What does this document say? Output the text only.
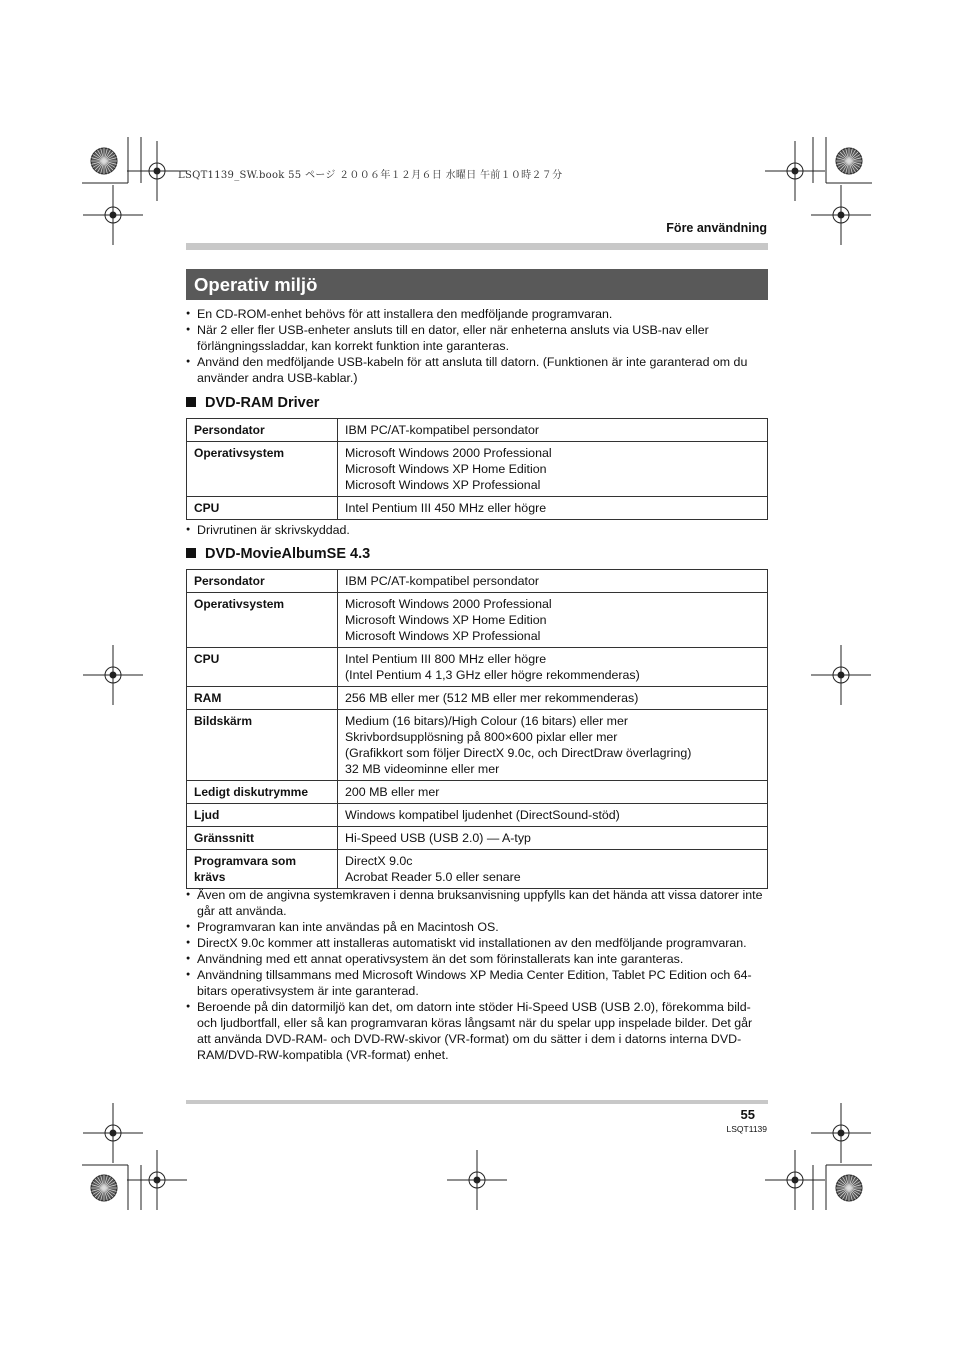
LSQT1139_SW.book 55 ページ ２００６年１２月６日 水曜日 午前１０時２７分
Före användning
Operativ miljö
● En CD-ROM-enhet behövs för att installera den medföljande programvaran.
● När 2 eller fler USB-enheter ansluts till en dator, eller när enheterna ansluts via USB-nav eller förlängningssladdar, kan korrekt funktion inte garanteras.
● Använd den medföljande USB-kabeln för att ansluta till datorn. (Funktionen är inte garanterad om du använder andra USB-kablar.)
DVD-RAM Driver
Persondator	IBM PC/AT-kompatibel persondator

Operativsystem	Microsoft Windows 2000 Professional
Microsoft Windows XP Home Edition
Microsoft Windows XP Professional

CPU	Intel Pentium III 450 MHz eller högre
● Drivrutinen är skrivskyddad.
DVD-MovieAlbumSE 4.3
Persondator	IBM PC/AT-kompatibel persondator

Operativsystem	Microsoft Windows 2000 Professional
Microsoft Windows XP Home Edition
Microsoft Windows XP Professional

CPU	Intel Pentium III 800 MHz eller högre
(Intel Pentium 4 1,3 GHz eller högre rekommenderas)

RAM	256 MB eller mer (512 MB eller mer rekommenderas)

Bildskärm	Medium (16 bitars)/High Colour (16 bitars) eller mer
Skrivbordsupplösning på 800×600 pixlar eller mer
(Grafikkort som följer DirectX 9.0c, och DirectDraw överlagring)
32 MB videominne eller mer

Ledigt diskutrymme	200 MB eller mer

Ljud	Windows kompatibel ljudenhet (DirectSound-stöd)

Gränssnitt	Hi-Speed USB (USB 2.0) — A-typ

Programvara som krävs	DirectX 9.0c
Acrobat Reader 5.0 eller senare
● Även om de angivna systemkraven i denna bruksanvisning uppfylls kan det hända att vissa datorer inte går att använda.
● Programvaran kan inte användas på en Macintosh OS.
● DirectX 9.0c kommer att installeras automatiskt vid installationen av den medföljande programvaran.
● Användning med ett annat operativsystem än det som förinstallerats kan inte garanteras.
● Användning tillsammans med Microsoft Windows XP Media Center Edition, Tablet PC Edition och 64-bitars operativsystem är inte garanterad.
● Beroende på din datormiljö kan det, om datorn inte stöder Hi-Speed USB (USB 2.0), förekomma bild- och ljudbortfall, eller så kan programvaran köras långsamt när du spelar upp inspelade bilder. Det går att använda DVD-RAM- och DVD-RW-skivor (VR-format) om du sätter i dem i datorns interna DVD-RAM/DVD-RW-kompatibla (VR-format) enhet.
55
LSQT1139
